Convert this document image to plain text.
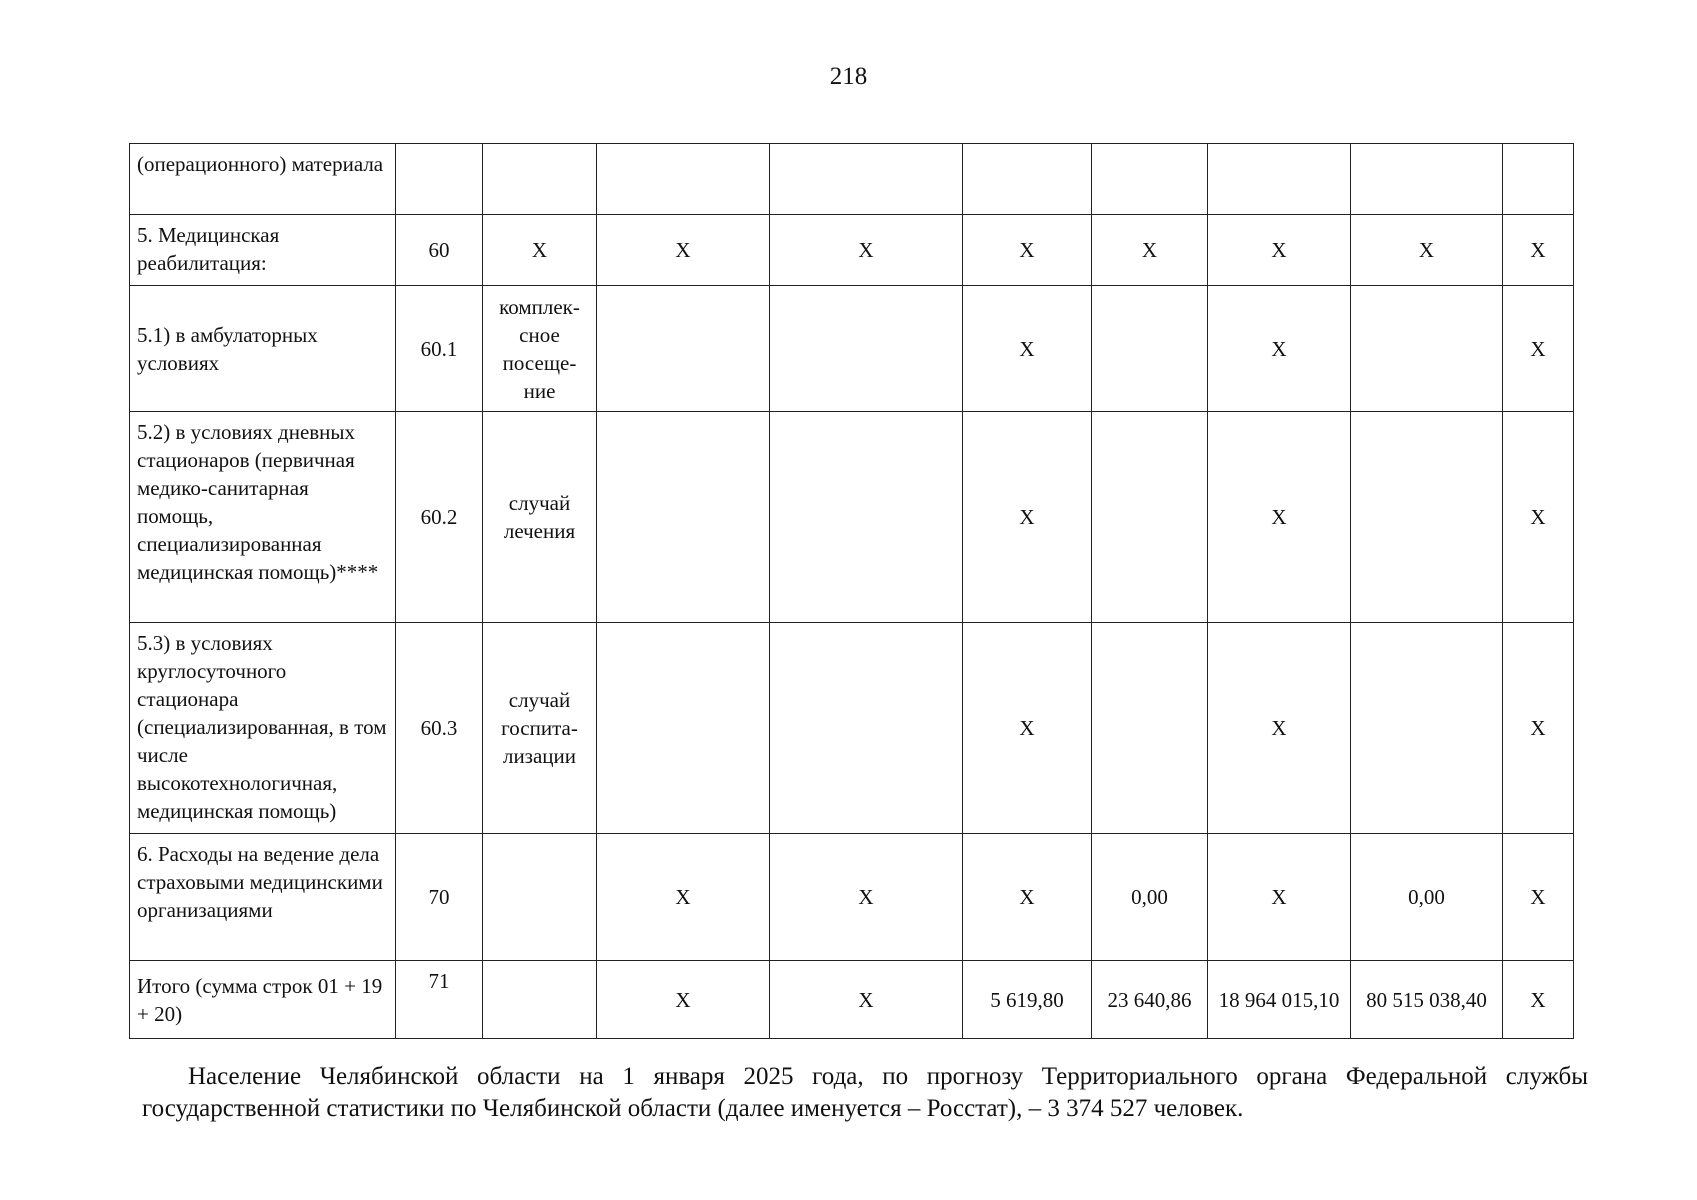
218
(операционного) материала									
5. Медицинская реабилитация:	60	X	X	X	X	X	X	X	X
5.1) в амбулаторных условиях	60.1	комплек-сное посеще-ние			X		X		X
5.2) в условиях дневных стационаров (первичная медико-санитарная помощь, специализированная медицинская помощь)****	60.2	случай лечения			X		X		X
5.3) в условиях круглосуточного стационара (специализированная, в том числе высокотехнологичная, медицинская помощь)	60.3	случай госпита-лизации			X		X		X
6. Расходы на ведение дела страховыми медицинскими организациями	70		X	X	X	0,00	X	0,00	X
Итого (сумма строк 01 + 19 + 20)	71		X	X	5 619,80	23 640,86	18 964 015,10	80 515 038,40	X

Население Челябинской области на 1 января 2025 года, по прогнозу Территориального органа Федеральной службы государственной статистики по Челябинской области (далее именуется – Росстат), – 3 374 527 человек.
